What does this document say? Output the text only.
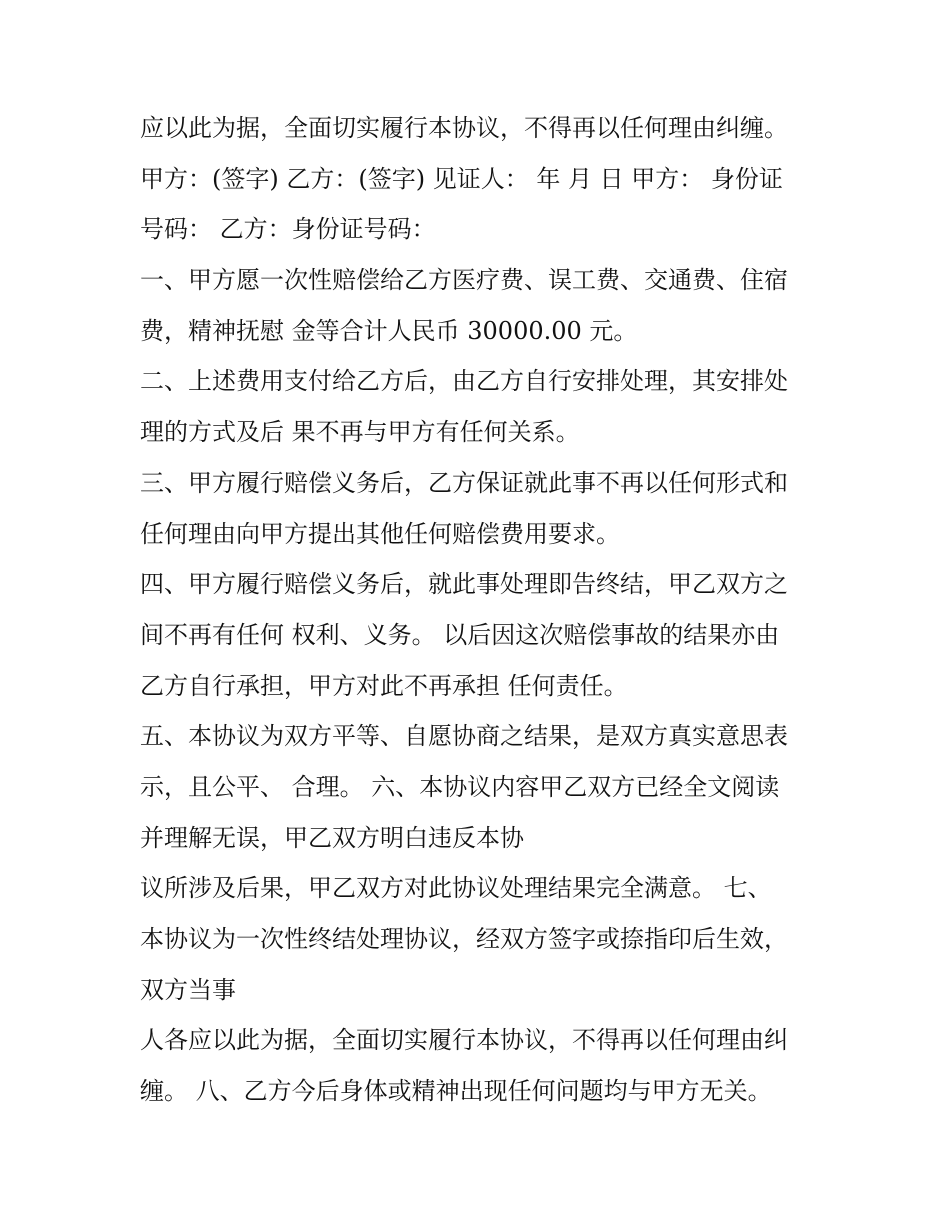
应以此为据，全面切实履行本协议，不得再以任何理由纠缠。
甲方：(签字) 乙方：(签字) 见证人： 年 月 日 甲方： 身份证
号码： 乙方：身份证号码：
一、甲方愿一次性赔偿给乙方医疗费、误工费、交通费、住宿
费，精神抚慰 金等合计人民币 30000.00 元。
二、上述费用支付给乙方后，由乙方自行安排处理，其安排处
理的方式及后 果不再与甲方有任何关系。
三、甲方履行赔偿义务后，乙方保证就此事不再以任何形式和
任何理由向甲方提出其他任何赔偿费用要求。
四、甲方履行赔偿义务后，就此事处理即告终结，甲乙双方之
间不再有任何 权利、义务。 以后因这次赔偿事故的结果亦由
乙方自行承担，甲方对此不再承担 任何责任。
五、本协议为双方平等、自愿协商之结果，是双方真实意思表
示，且公平、 合理。 六、本协议内容甲乙双方已经全文阅读
并理解无误，甲乙双方明白违反本协
议所涉及后果，甲乙双方对此协议处理结果完全满意。 七、
本协议为一次性终结处理协议，经双方签字或捺指印后生效，
双方当事
人各应以此为据，全面切实履行本协议，不得再以任何理由纠
缠。 八、乙方今后身体或精神出现任何问题均与甲方无关。
